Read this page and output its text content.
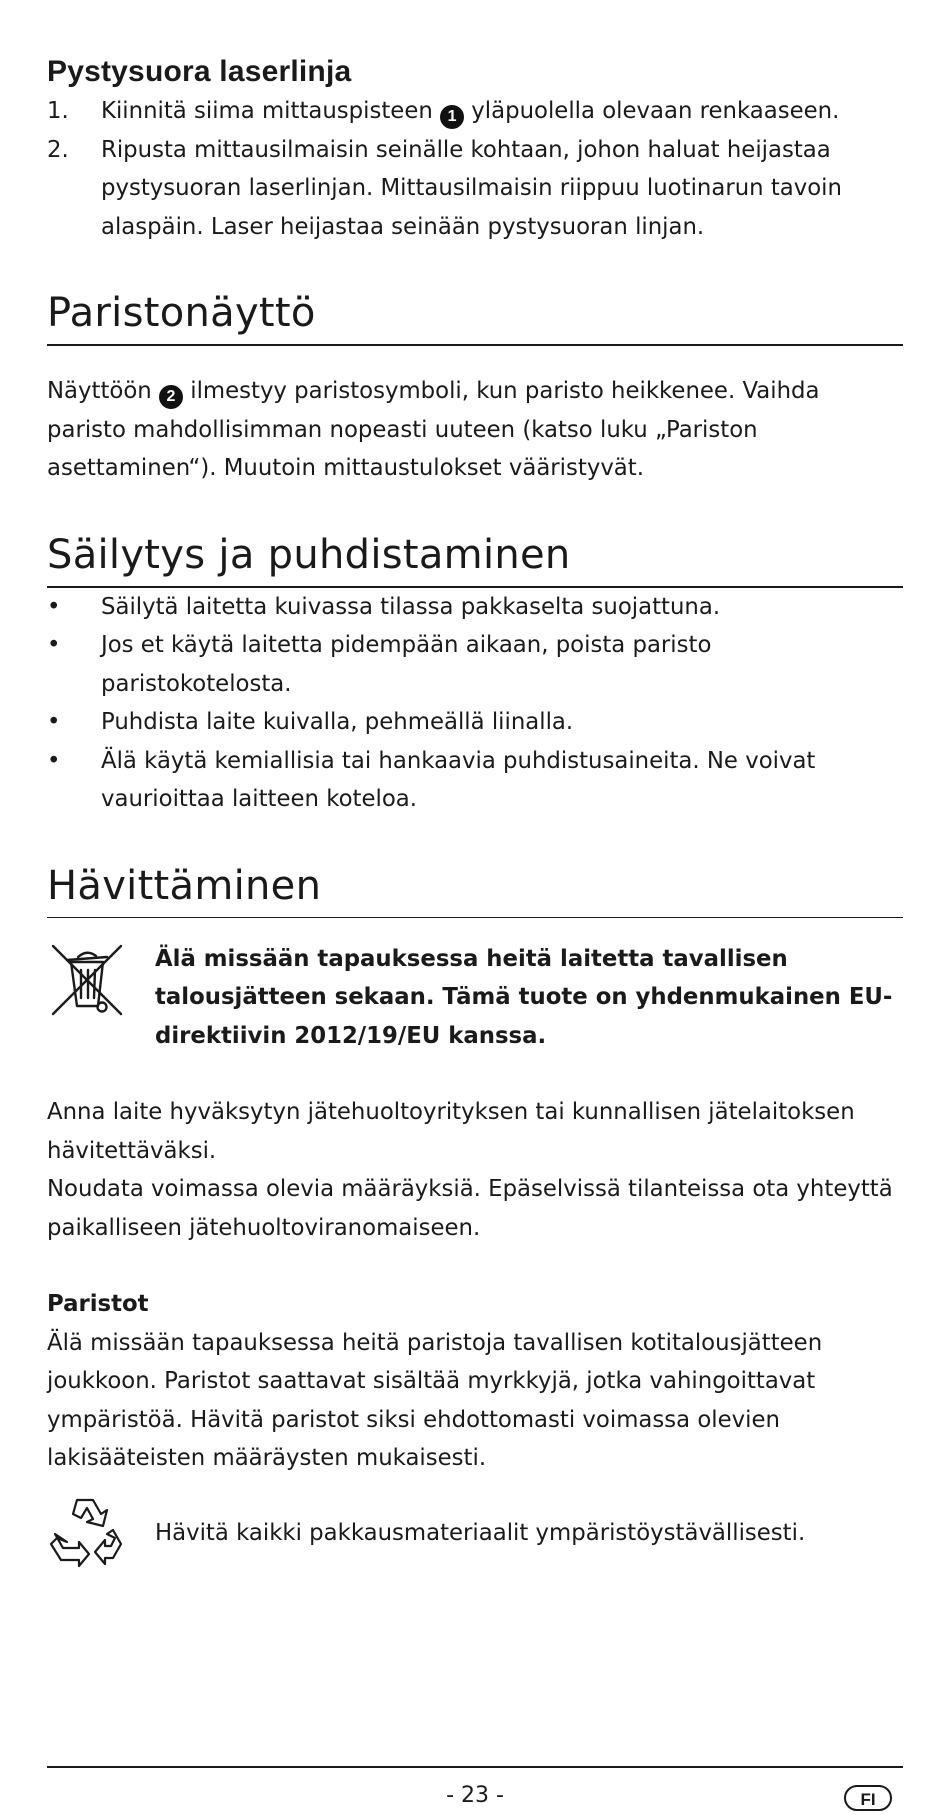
Pystysuora laserlinja
1. Kiinnitä siima mittauspisteen 1 yläpuolella olevaan renkaaseen.
2. Ripusta mittausilmaisin seinälle kohtaan, johon haluat heijastaa pystysuoran laserlinjan. Mittausilmaisin riippuu luotinarun tavoin alaspäin. Laser heijastaa seinään pystysuoran linjan.
Paristonäyttö

Näyttöön 2 ilmestyy paristosymboli, kun paristo heikkenee. Vaihda paristo mahdollisimman nopeasti uuteen (katso luku „Pariston asettaminen“). Muutoin mittaustulokset vääristyvät.

Säilytys ja puhdistaminen
• Säilytä laitetta kuivassa tilassa pakkaselta suojattuna.
• Jos et käytä laitetta pidempään aikaan, poista paristo paristokotelosta.
• Puhdista laite kuivalla, pehmeällä liinalla.
• Älä käytä kemiallisia tai hankaavia puhdistusaineita. Ne voivat vaurioittaa laitteen koteloa.
Hävittäminen

Älä missään tapauksessa heitä laitetta tavallisen talousjätteen sekaan. Tämä tuote on yhdenmukainen EU-direktiivin 2012/19/EU kanssa.

Anna laite hyväksytyn jätehuoltoyrityksen tai kunnallisen jätelaitoksen hävitettäväksi.

Noudata voimassa olevia määräyksiä. Epäselvissä tilanteissa ota yhteyttä paikalliseen jätehuoltoviranomaiseen.

Paristot

Älä missään tapauksessa heitä paristoja tavallisen kotitalousjätteen joukkoon. Paristot saattavat sisältää myrkkyjä, jotka vahingoittavat ympäristöä. Hävitä paristot siksi ehdottomasti voimassa olevien lakisääteisten määräysten mukaisesti.

Hävitä kaikki pakkausmateriaalit ympäristöystävällisesti.

- 23 -	FI
